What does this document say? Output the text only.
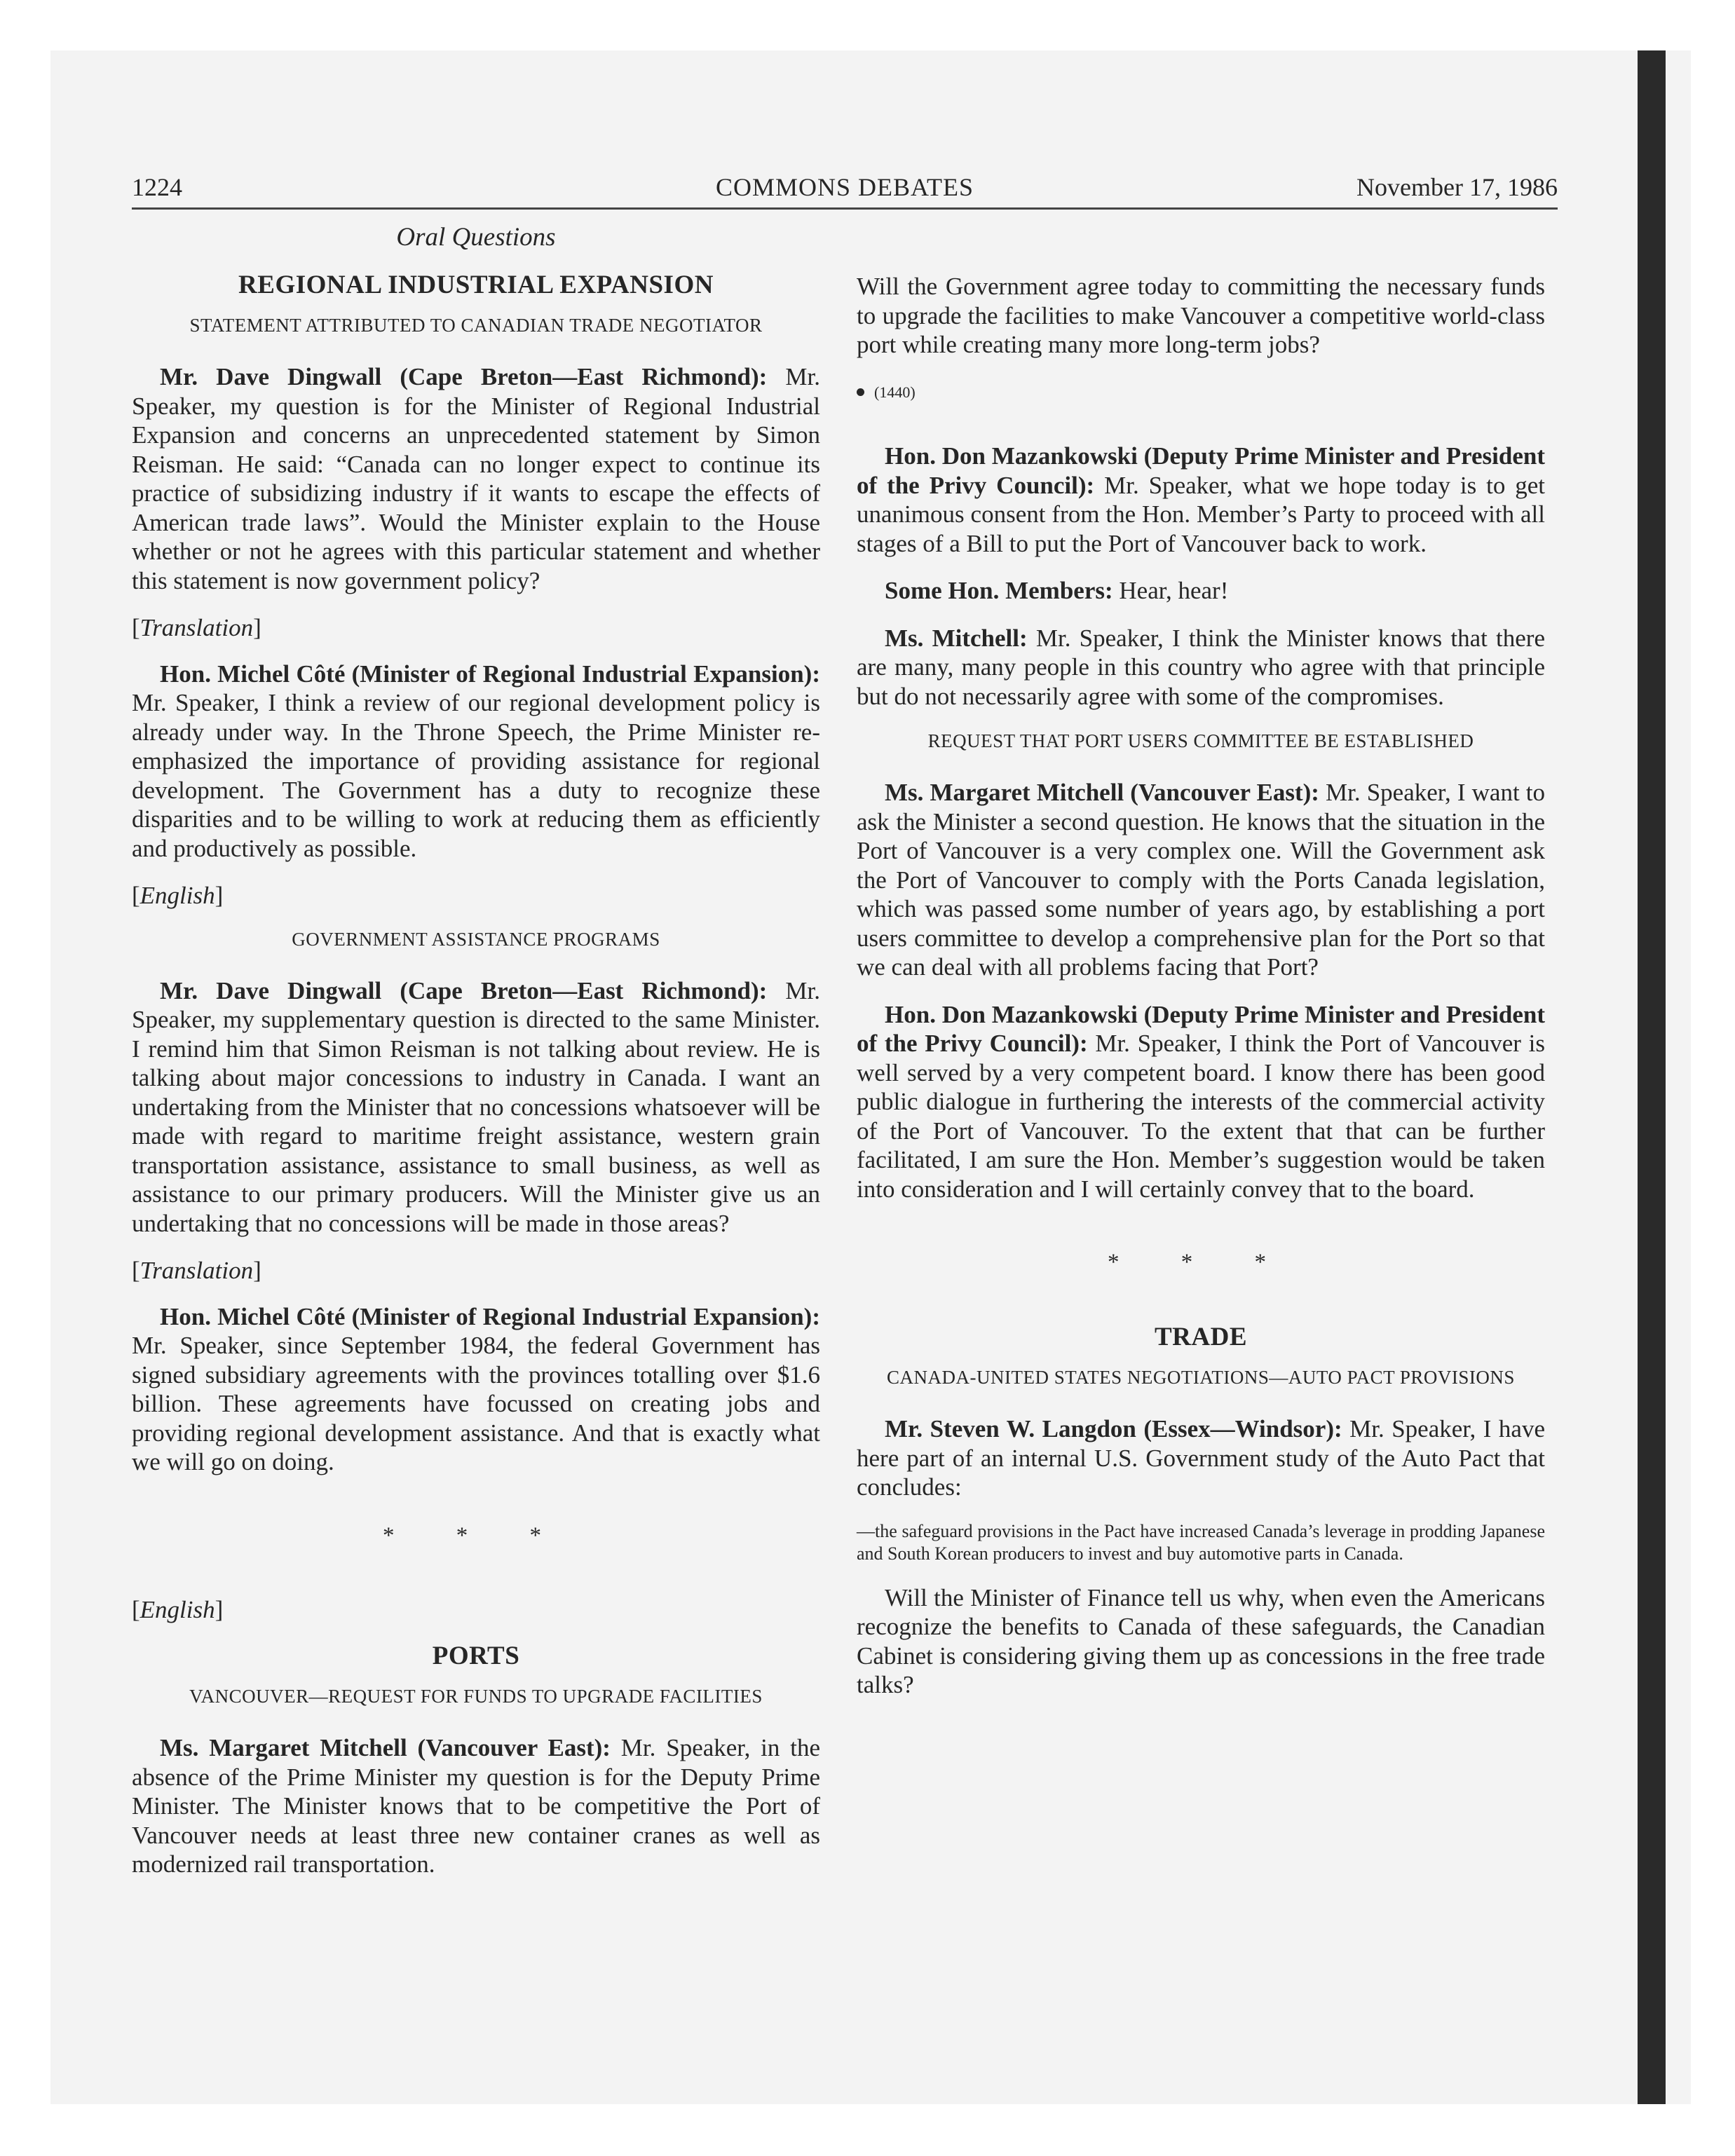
1224	COMMONS DEBATES	November 17, 1986
Oral Questions
REGIONAL INDUSTRIAL EXPANSION
STATEMENT ATTRIBUTED TO CANADIAN TRADE NEGOTIATOR

Mr. Dave Dingwall (Cape Breton—East Richmond): Mr. Speaker, my question is for the Minister of Regional Industrial Expansion and concerns an unprecedented statement by Simon Reisman. He said: “Canada can no longer expect to continue its practice of subsidizing industry if it wants to escape the effects of American trade laws”. Would the Minister explain to the House whether or not he agrees with this particular statement and whether this statement is now government policy?

[Translation]

Hon. Michel Côté (Minister of Regional Industrial Expansion): Mr. Speaker, I think a review of our regional development policy is already under way. In the Throne Speech, the Prime Minister re-emphasized the importance of providing assistance for regional development. The Government has a duty to recognize these disparities and to be willing to work at reducing them as efficiently and productively as possible.

[English]
GOVERNMENT ASSISTANCE PROGRAMS

Mr. Dave Dingwall (Cape Breton—East Richmond): Mr. Speaker, my supplementary question is directed to the same Minister. I remind him that Simon Reisman is not talking about review. He is talking about major concessions to industry in Canada. I want an undertaking from the Minister that no concessions whatsoever will be made with regard to maritime freight assistance, western grain transportation assistance, assistance to small business, as well as assistance to our primary producers. Will the Minister give us an undertaking that no concessions will be made in those areas?

[Translation]

Hon. Michel Côté (Minister of Regional Industrial Expansion): Mr. Speaker, since September 1984, the federal Government has signed subsidiary agreements with the provinces totalling over $1.6 billion. These agreements have focussed on creating jobs and providing regional development assistance. And that is exactly what we will go on doing.

* * *
[English]
PORTS
VANCOUVER—REQUEST FOR FUNDS TO UPGRADE FACILITIES

Ms. Margaret Mitchell (Vancouver East): Mr. Speaker, in the absence of the Prime Minister my question is for the Deputy Prime Minister. The Minister knows that to be competitive the Port of Vancouver needs at least three new container cranes as well as modernized rail transportation.

Will the Government agree today to committing the necessary funds to upgrade the facilities to make Vancouver a competitive world-class port while creating many more long-term jobs?

(1440)

Hon. Don Mazankowski (Deputy Prime Minister and President of the Privy Council): Mr. Speaker, what we hope today is to get unanimous consent from the Hon. Member’s Party to proceed with all stages of a Bill to put the Port of Vancouver back to work.

Some Hon. Members: Hear, hear!

Ms. Mitchell: Mr. Speaker, I think the Minister knows that there are many, many people in this country who agree with that principle but do not necessarily agree with some of the compromises.

REQUEST THAT PORT USERS COMMITTEE BE ESTABLISHED

Ms. Margaret Mitchell (Vancouver East): Mr. Speaker, I want to ask the Minister a second question. He knows that the situation in the Port of Vancouver is a very complex one. Will the Government ask the Port of Vancouver to comply with the Ports Canada legislation, which was passed some number of years ago, by establishing a port users committee to develop a comprehensive plan for the Port so that we can deal with all problems facing that Port?

Hon. Don Mazankowski (Deputy Prime Minister and President of the Privy Council): Mr. Speaker, I think the Port of Vancouver is well served by a very competent board. I know there has been good public dialogue in furthering the interests of the commercial activity of the Port of Vancouver. To the extent that that can be further facilitated, I am sure the Hon. Member’s suggestion would be taken into consideration and I will certainly convey that to the board.

* * *
TRADE
CANADA-UNITED STATES NEGOTIATIONS—AUTO PACT PROVISIONS

Mr. Steven W. Langdon (Essex—Windsor): Mr. Speaker, I have here part of an internal U.S. Government study of the Auto Pact that concludes:

—the safeguard provisions in the Pact have increased Canada’s leverage in prodding Japanese and South Korean producers to invest and buy automotive parts in Canada.

Will the Minister of Finance tell us why, when even the Americans recognize the benefits to Canada of these safeguards, the Canadian Cabinet is considering giving them up as concessions in the free trade talks?
